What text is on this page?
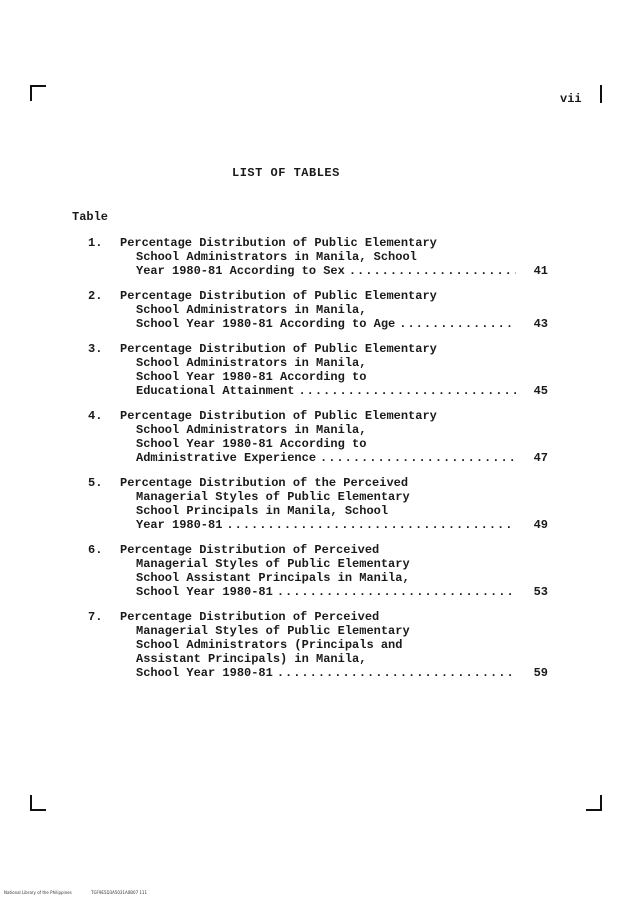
vii
LIST OF TABLES
Table
1.	Percentage Distribution of Public Elementary
School Administrators in Manila, School
Year 1980-81 According to Sex .....	41
2.	Percentage Distribution of Public Elementary
School Administrators in Manila,
School Year 1980-81 According to Age .....	43
3.	Percentage Distribution of Public Elementary
School Administrators in Manila,
School Year 1980-81 According to
Educational Attainment .....	45
4.	Percentage Distribution of Public Elementary
School Administrators in Manila,
School Year 1980-81 According to
Administrative Experience .....	47
5.	Percentage Distribution of the Perceived
Managerial Styles of Public Elementary
School Principals in Manila, School
Year 1980-81 .....	49
6.	Percentage Distribution of Perceived
Managerial Styles of Public Elementary
School Assistant Principals in Manila,
School Year 1980-81 .....	53
7.	Percentage Distribution of Perceived
Managerial Styles of Public Elementary
School Administrators (Principals and
Assistant Principals) in Manila,
School Year 1980-81 .....	59
National Library of the Philippines	TGF9E5D3A5031A0B07 111
